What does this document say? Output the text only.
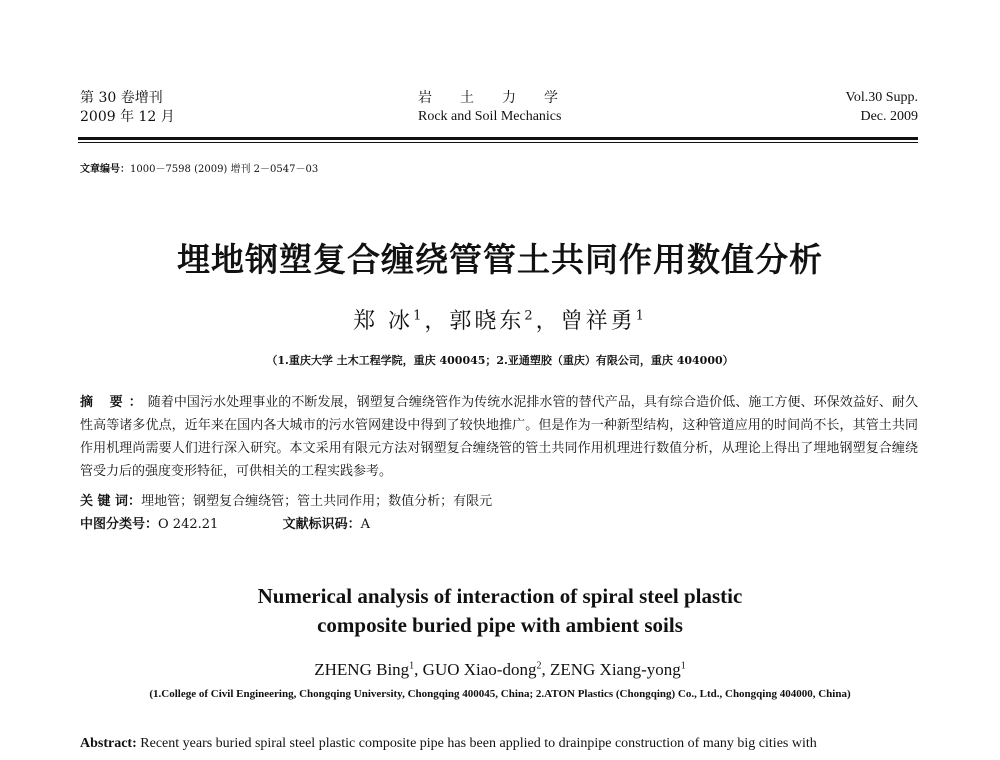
第 30 卷增刊
2009 年 12 月
岩土力学
Rock and Soil Mechanics
Vol.30 Supp.
Dec. 2009
文章编号：1000－7598 (2009) 增刊 2－0547－03
埋地钢塑复合缠绕管管土共同作用数值分析
郑 冰$^1$，郭晓东$^2$，曾祥勇$^1$
（1.重庆大学 土木工程学院，重庆 400045；2.亚通塑胶（重庆）有限公司，重庆 404000）
摘 要：随着中国污水处理事业的不断发展，钢塑复合缠绕管作为传统水泥排水管的替代产品，具有综合造价低、施工方便、环保效益好、耐久性高等诸多优点，近年来在国内各大城市的污水管网建设中得到了较快地推广。但是作为一种新型结构，这种管道应用的时间尚不长，其管土共同作用机理尚需要人们进行深入研究。本文采用有限元方法对钢塑复合缠绕管的管土共同作用机理进行数值分析，从理论上得出了埋地钢塑复合缠绕管受力后的强度变形特征，可供相关的工程实践参考。
关 键 词：埋地管；钢塑复合缠绕管；管土共同作用；数值分析；有限元
中图分类号：O 242.21	文献标识码：A
Numerical analysis of interaction of spiral steel plastic
composite buried pipe with ambient soils
ZHENG Bing$^1$, GUO Xiao-dong$^2$, ZENG Xiang-yong$^1$
(1.College of Civil Engineering, Chongqing University, Chongqing 400045, China; 2.ATON Plastics (Chongqing) Co., Ltd., Chongqing 404000, China)
Abstract: Recent years buried spiral steel plastic composite pipe has been applied to drainpipe construction of many big cities with
